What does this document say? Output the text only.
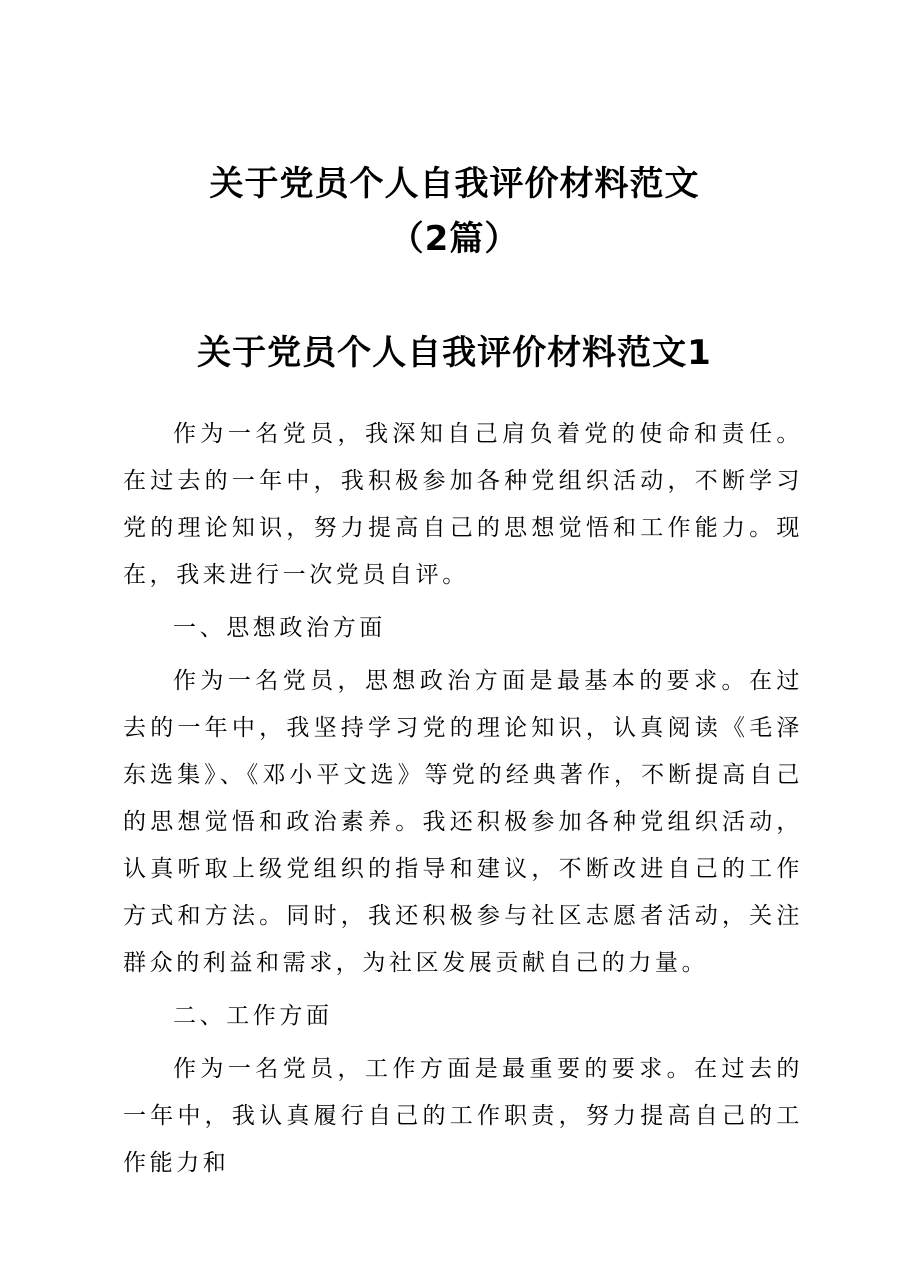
关于党员个人自我评价材料范文
（2篇）
关于党员个人自我评价材料范文1

作为一名党员，我深知自己肩负着党的使命和责任。在过去的一年中，我积极参加各种党组织活动，不断学习党的理论知识，努力提高自己的思想觉悟和工作能力。现在，我来进行一次党员自评。

一、思想政治方面

作为一名党员，思想政治方面是最基本的要求。在过去的一年中，我坚持学习党的理论知识，认真阅读《毛泽东选集》、《邓小平文选》等党的经典著作，不断提高自己的思想觉悟和政治素养。我还积极参加各种党组织活动，认真听取上级党组织的指导和建议，不断改进自己的工作方式和方法。同时，我还积极参与社区志愿者活动，关注群众的利益和需求，为社区发展贡献自己的力量。

二、工作方面

作为一名党员，工作方面是最重要的要求。在过去的一年中，我认真履行自己的工作职责，努力提高自己的工作能力和
